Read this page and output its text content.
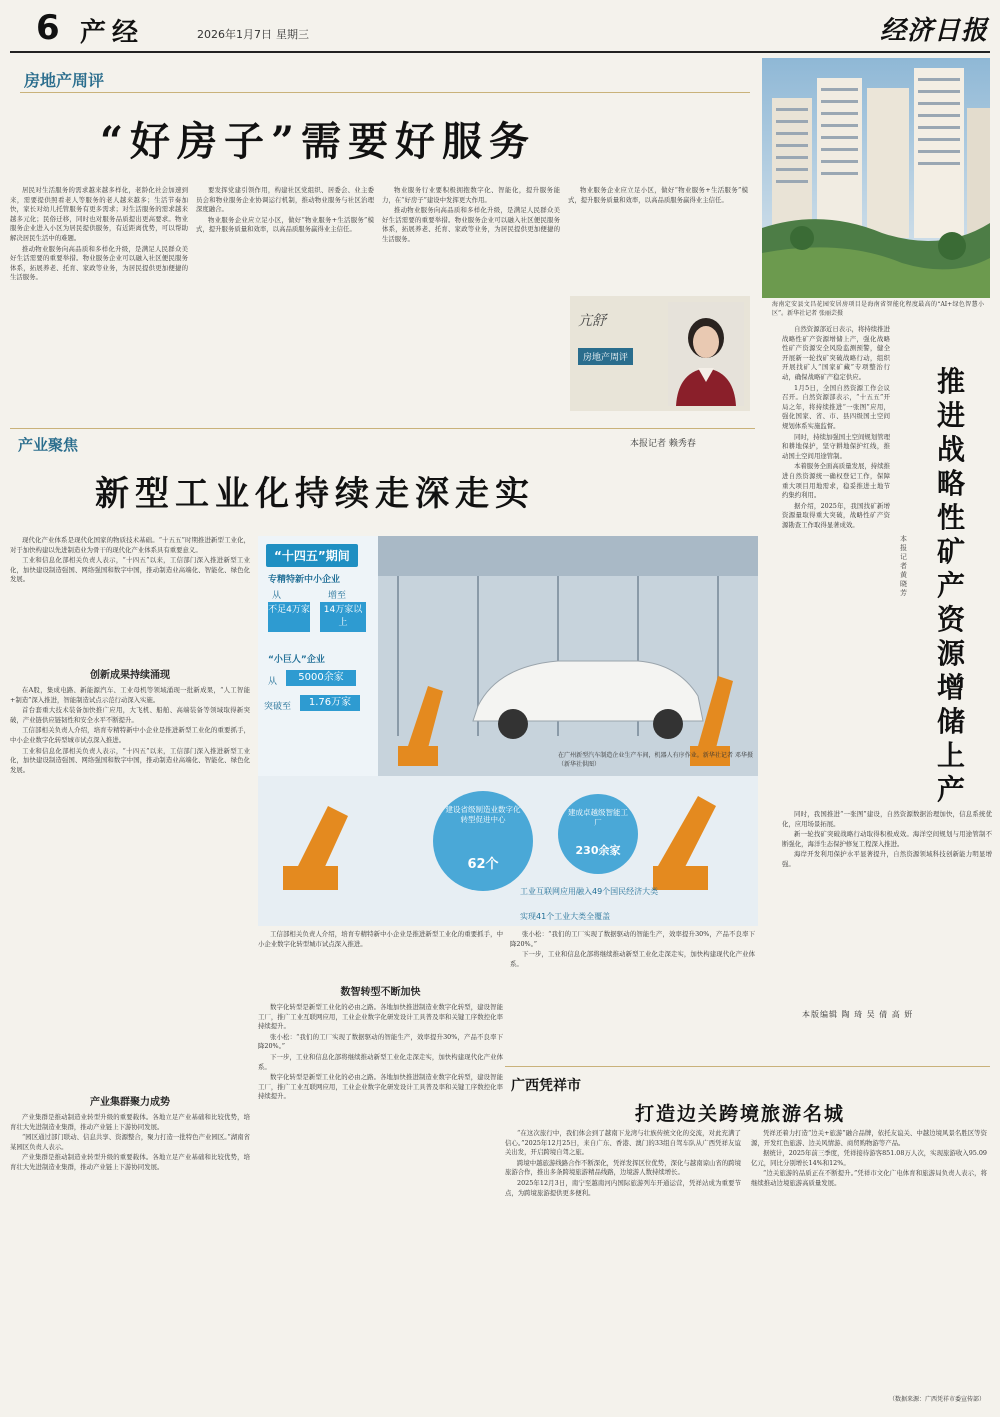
6 产经	2026年1月7日 星期三	经济日报
房地产周评
“好房子”需要好服务

居民对生活服务的需求越来越多样化，老龄化社会加速到来，需要提供照看老人等服务的老人越来越多；生活节奏加快，家长对幼儿托管服务有更多需求；对生活服务的需求越来越多元化；民俗迁移，同时也对服务品质提出更高要求。物业服务企业进入小区为居民提供服务，有近距离优势，可以帮助解决居民生活中的难题。

推动物业服务向高品质和多样化升级，是满足人民群众美好生活需要的重要举措。物业服务企业可以融入社区便民服务体系，拓展养老、托育、家政等业务，为居民提供更加便捷的生活服务。

要发挥党建引领作用，构建社区党组织、居委会、业主委员会和物业服务企业协调运行机制，推动物业服务与社区治理深度融合。

物业服务企业应立足小区，做好“物业服务+生活服务”模式，提升服务质量和效率，以高品质服务赢得业主信任。

物业服务行业要积极拥抱数字化、智能化，提升服务能力，在“好房子”建设中发挥更大作用。

推动物业服务向高品质和多样化升级，是满足人民群众美好生活需要的重要举措。物业服务企业可以融入社区便民服务体系，拓展养老、托育、家政等业务，为居民提供更加便捷的生活服务。

物业服务企业应立足小区，做好“物业服务+生活服务”模式，提升服务质量和效率，以高品质服务赢得业主信任。

亢舒
房地产周评
海南定安县文昌花园安居房项目是海南省智能化程度最高的“AI+绿色智慧小区”。新华社记者 张丽芸摄

自然资源部近日表示，将持续推进战略性矿产资源增储上产，强化战略性矿产资源安全风险监测预警，健全开展新一轮找矿突破战略行动，组织开展找矿人“国家矿藏”专项整治行动，确保战略矿产稳定供应。

1月5日，全国自然资源工作会议召开。自然资源部表示，“十五五”开局之年，将持续推进“一张图”应用，强化国家、省、市、县四级国土空间规划体系实施监督。

同时，持续加强国土空间规划管理和耕地保护，坚守耕地保护红线，推动国土空间用途管制。

本着服务全面高质量发展，持续推进自然资源统一确权登记工作，保障重大项目用地需求，稳妥推进土地节约集约利用。

据介绍，2025年，我国找矿新增资源量取得重大突破，战略性矿产资源勘查工作取得显著成效。

本报记者 黄晓芳
推进战略性矿产资源增储上产

同时，我国推进“一张图”建设，自然资源数据治理加快，信息系统优化，应用场景拓展。

新一轮找矿突破战略行动取得积极成效。海洋空间规划与用途管制不断强化，海洋生态保护修复工程深入推进。

海岸开发利用保护水平显著提升，自然资源领域科技创新能力明显增强。

本版编辑 陶 琦 吴 倩 高 妍
产业聚焦	本报记者 赖秀春
新型工业化持续走深走实

现代化产业体系是现代化国家的物质技术基础。“十五五”时期推进新型工业化，对于加快构建以先进制造业为骨干的现代化产业体系具有重要意义。

工业和信息化部相关负责人表示，“十四五”以来，工信部门深入推进新型工业化，加快建设制造强国、网络强国和数字中国，推动制造业高端化、智能化、绿色化发展。

创新成果持续涌现

在A股，集成电路、新能源汽车、工业母机等领域涌现一批新成果，“人工智能+制造”深入推进，智能制造试点示范行动深入实施。

首台套重大技术装备加快推广应用，大飞机、船舶、高端装备等领域取得新突破，产业链供应链韧性和安全水平不断提升。

工信部相关负责人介绍，培育专精特新中小企业是推进新型工业化的重要抓手，中小企业数字化转型城市试点深入推进。

工业和信息化部相关负责人表示，“十四五”以来，工信部门深入推进新型工业化，加快建设制造强国、网络强国和数字中国，推动制造业高端化、智能化、绿色化发展。

产业集群聚力成势

产业集群是推动制造业转型升级的重要载体。各地立足产业基础和比较优势，培育壮大先进制造业集群，推动产业链上下游协同发展。

“园区通过部门联动、信息共享、资源整合，聚力打造一批特色产业园区。”湖南省某园区负责人表示。

产业集群是推动制造业转型升级的重要载体。各地立足产业基础和比较优势，培育壮大先进制造业集群，推动产业链上下游协同发展。

“十四五”期间
专精特新中小企业
从	增至
不足4万家	14万家以上
“小巨人”企业
从	5000余家
突破至	1.76万家
在广州新型汽车制造企业生产车间，机器人有序作业。新华社记者 邓华摄（新华社供图）
建设省级制造业数字化转型促进中心
62个
建成卓越级智能工厂
230余家
工业互联网应用融入49个国民经济大类
实现41个工业大类全覆盖

工信部相关负责人介绍，培育专精特新中小企业是推进新型工业化的重要抓手，中小企业数字化转型城市试点深入推进。

数智转型不断加快

数字化转型是新型工业化的必由之路。各地加快推进制造业数字化转型，建设智能工厂，推广工业互联网应用，工业企业数字化研发设计工具普及率和关键工序数控化率持续提升。

张小松：“我们的工厂实现了数据驱动的智能生产，效率提升30%，产品不良率下降20%。”

下一步，工业和信息化部将继续推动新型工业化走深走实，加快构建现代化产业体系。

数字化转型是新型工业化的必由之路。各地加快推进制造业数字化转型，建设智能工厂，推广工业互联网应用，工业企业数字化研发设计工具普及率和关键工序数控化率持续提升。

张小松：“我们的工厂实现了数据驱动的智能生产，效率提升30%，产品不良率下降20%。”

下一步，工业和信息化部将继续推动新型工业化走深走实，加快构建现代化产业体系。

广西凭祥市
打造边关跨境旅游名城

“在这次旅行中，我们体会到了越南下龙湾与壮族传统文化的交流，对此充满了信心。”2025年12月25日，来自广东、香港、澳门的33组自驾车队从广西凭祥友谊关出发，开启跨境自驾之旅。

跨境中越旅游线路合作不断深化，凭祥发挥区位优势，深化与越南谅山省的跨境旅游合作，推出多条跨境旅游精品线路，边境游人数持续增长。

2025年12月3日，南宁至越南河内国际旅游列车开通运营，凭祥站成为重要节点，为跨境旅游提供更多便利。

凭祥还着力打造“边关+旅游”融合品牌，依托友谊关、中越边境风景名胜区等资源，开发红色旅游、边关风情游、商贸购物游等产品。

据统计，2025年前三季度，凭祥接待游客851.08万人次，实现旅游收入95.09亿元，同比分别增长14%和12%。

“边关旅游的品质正在不断提升。”凭祥市文化广电体育和旅游局负责人表示，将继续推动边境旅游高质量发展。

（数据来源：广西凭祥市委宣传部）
